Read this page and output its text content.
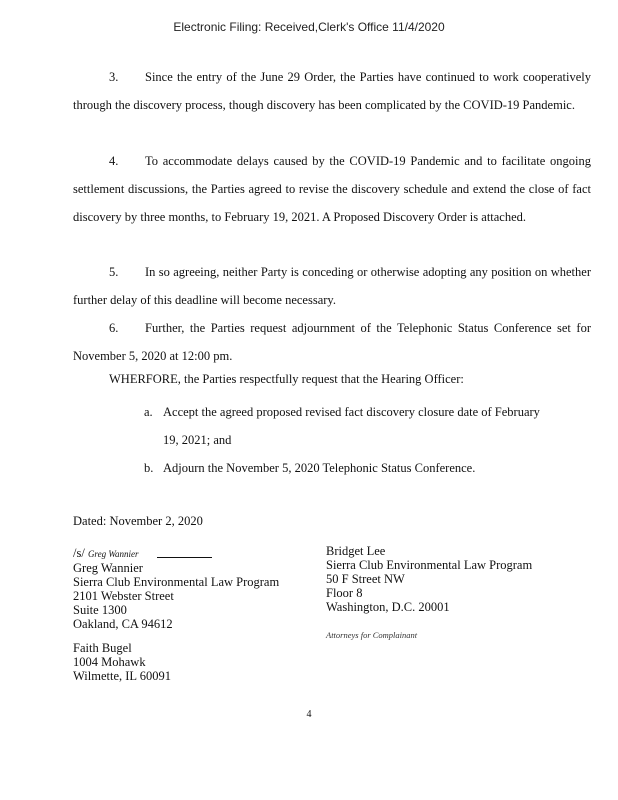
Electronic Filing: Received,Clerk's Office 11/4/2020
3. Since the entry of the June 29 Order, the Parties have continued to work cooperatively through the discovery process, though discovery has been complicated by the COVID-19 Pandemic.
4. To accommodate delays caused by the COVID-19 Pandemic and to facilitate ongoing settlement discussions, the Parties agreed to revise the discovery schedule and extend the close of fact discovery by three months, to February 19, 2021. A Proposed Discovery Order is attached.
5. In so agreeing, neither Party is conceding or otherwise adopting any position on whether further delay of this deadline will become necessary.
6. Further, the Parties request adjournment of the Telephonic Status Conference set for November 5, 2020 at 12:00 pm.
WHERFORE, the Parties respectfully request that the Hearing Officer:
a. Accept the agreed proposed revised fact discovery closure date of February
19, 2021; and
b. Adjourn the November 5, 2020 Telephonic Status Conference.
Dated: November 2, 2020
/s/ Greg Wannier
Greg Wannier
Sierra Club Environmental Law Program
2101 Webster Street
Suite 1300
Oakland, CA 94612
Faith Bugel
1004 Mohawk
Wilmette, IL 60091
Bridget Lee
Sierra Club Environmental Law Program
50 F Street NW
Floor 8
Washington, D.C. 20001
Attorneys for Complainant
4
